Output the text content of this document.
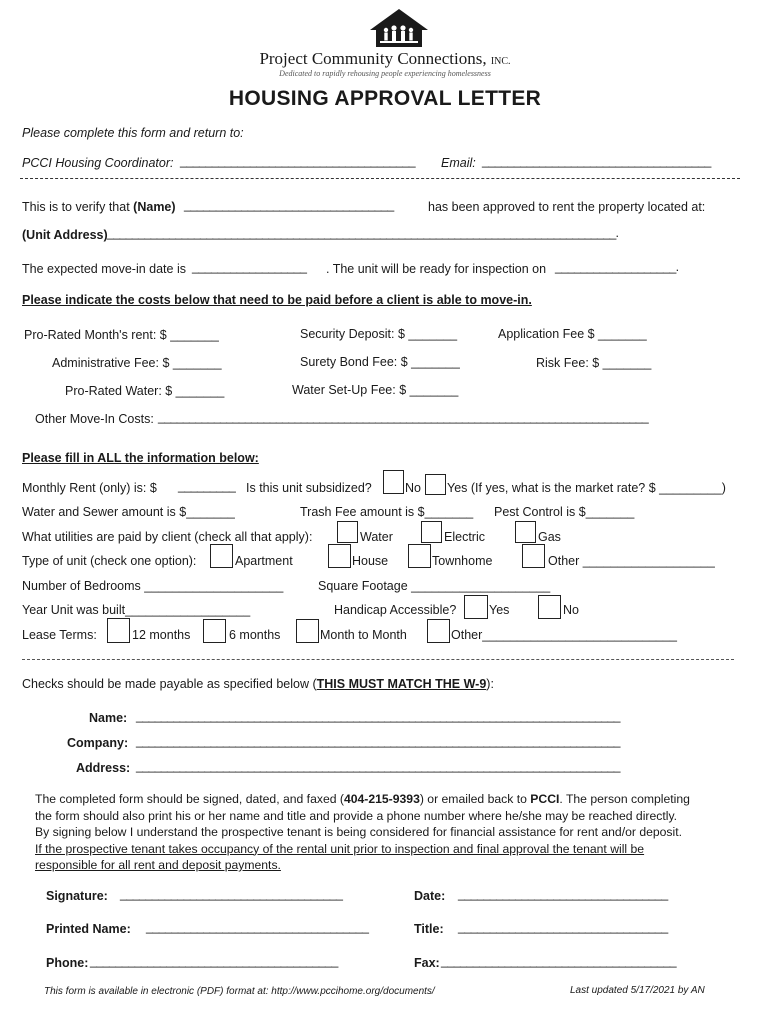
Project Community Connections, INC.
Dedicated to rapidly rehousing people experiencing homelessness
HOUSING APPROVAL LETTER
Please complete this form and return to:
PCCI Housing Coordinator: _____________________________________ Email: ____________________________________
This is to verify that (Name) _________________________________	has been approved to rent the property located at:
(Unit Address) __________________________________________________________________________________.
The expected move-in date is __________________ . The unit will be ready for inspection on ___________________.
Please indicate the costs below that need to be paid before a client is able to move-in.
Pro-Rated Month's rent: $ _______	Security Deposit: $ _______	Application Fee $ _______
Administrative Fee: $ _______	Surety Bond Fee: $ _______	Risk Fee: $ _______
Pro-Rated Water: $ _______	Water Set-Up Fee: $ _______
Other Move-In Costs: _______________________________________________________________________________
Please fill in ALL the information below:
Monthly Rent (only) is: $ _________ Is this unit subsidized?	No Yes (If yes, what is the market rate? $ _________)
Water and Sewer amount is $_______	Trash Fee amount is $_______ Pest Control is $_______
What utilities are paid by client (check all that apply):	Water	Electric	Gas
Type of unit (check one option):	Apartment	House	Townhome	Other ___________________
Number of Bedrooms ____________________	Square Footage ____________________
Year Unit was built__________________	Handicap Accessible?	Yes	No
Lease Terms:	12 months	6 months	Month to Month	Other____________________________
Checks should be made payable as specified below (THIS MUST MATCH THE W-9):
Name: ______________________________________________________________________________
Company: ______________________________________________________________________________
Address: ______________________________________________________________________________

The completed form should be signed, dated, and faxed (404-215-9393) or emailed back to PCCI. The person completing

the form should also print his or her name and title and provide a phone number where he/she may be reached directly.

By signing below I understand the prospective tenant is being considered for financial assistance for rent and/or deposit.

If the prospective tenant takes occupancy of the rental unit prior to inspection and final approval the tenant will be

responsible for all rent and deposit payments.

Signature: ___________________________________	Date: _________________________________
Printed Name: ___________________________________	Title: _________________________________
Phone: _______________________________________	Fax: _____________________________________
This form is available in electronic (PDF) format at: http://www.pccihome.org/documents/	Last updated 5/17/2021 by AN
